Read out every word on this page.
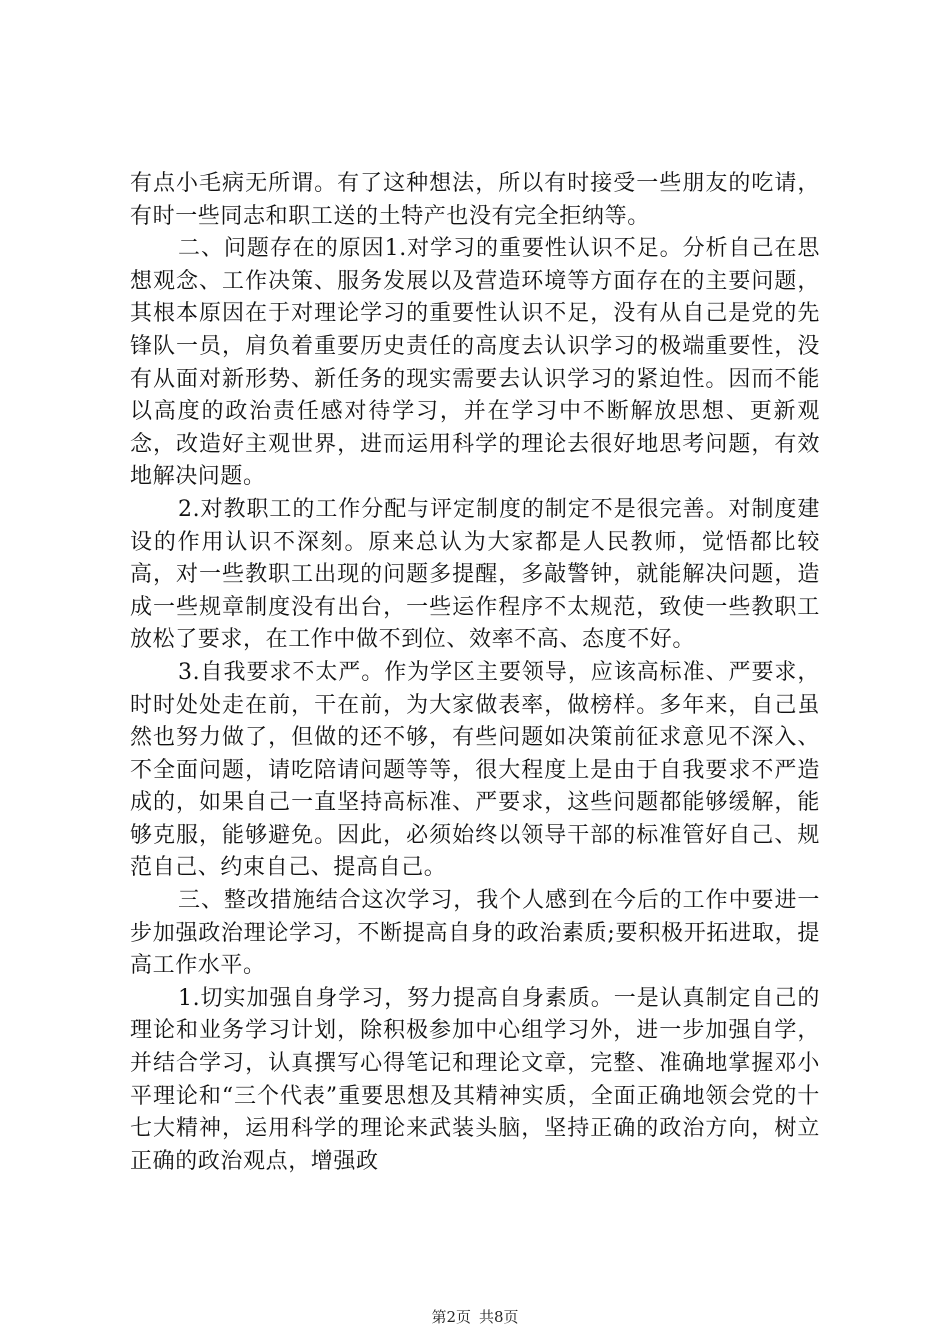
有点小毛病无所谓。有了这种想法，所以有时接受一些朋友的吃请，有时一些同志和职工送的土特产也没有完全拒纳等。

二、问题存在的原因1.对学习的重要性认识不足。分析自己在思想观念、工作决策、服务发展以及营造环境等方面存在的主要问题，其根本原因在于对理论学习的重要性认识不足，没有从自己是党的先锋队一员，肩负着重要历史责任的高度去认识学习的极端重要性，没有从面对新形势、新任务的现实需要去认识学习的紧迫性。因而不能以高度的政治责任感对待学习，并在学习中不断解放思想、更新观念，改造好主观世界，进而运用科学的理论去很好地思考问题，有效地解决问题。

2.对教职工的工作分配与评定制度的制定不是很完善。对制度建设的作用认识不深刻。原来总认为大家都是人民教师，觉悟都比较高，对一些教职工出现的问题多提醒，多敲警钟，就能解决问题，造成一些规章制度没有出台，一些运作程序不太规范，致使一些教职工放松了要求，在工作中做不到位、效率不高、态度不好。

3.自我要求不太严。作为学区主要领导，应该高标准、严要求，时时处处走在前，干在前，为大家做表率，做榜样。多年来，自己虽然也努力做了，但做的还不够，有些问题如决策前征求意见不深入、不全面问题，请吃陪请问题等等，很大程度上是由于自我要求不严造成的，如果自己一直坚持高标准、严要求，这些问题都能够缓解，能够克服，能够避免。因此，必须始终以领导干部的标准管好自己、规范自己、约束自己、提高自己。

三、整改措施结合这次学习，我个人感到在今后的工作中要进一步加强政治理论学习，不断提高自身的政治素质;要积极开拓进取，提高工作水平。

1.切实加强自身学习，努力提高自身素质。一是认真制定自己的理论和业务学习计划，除积极参加中心组学习外，进一步加强自学，并结合学习，认真撰写心得笔记和理论文章，完整、准确地掌握邓小平理论和“三个代表”重要思想及其精神实质，全面正确地领会党的十七大精神，运用科学的理论来武装头脑，坚持正确的政治方向，树立正确的政治观点，增强政

第2页 共8页
